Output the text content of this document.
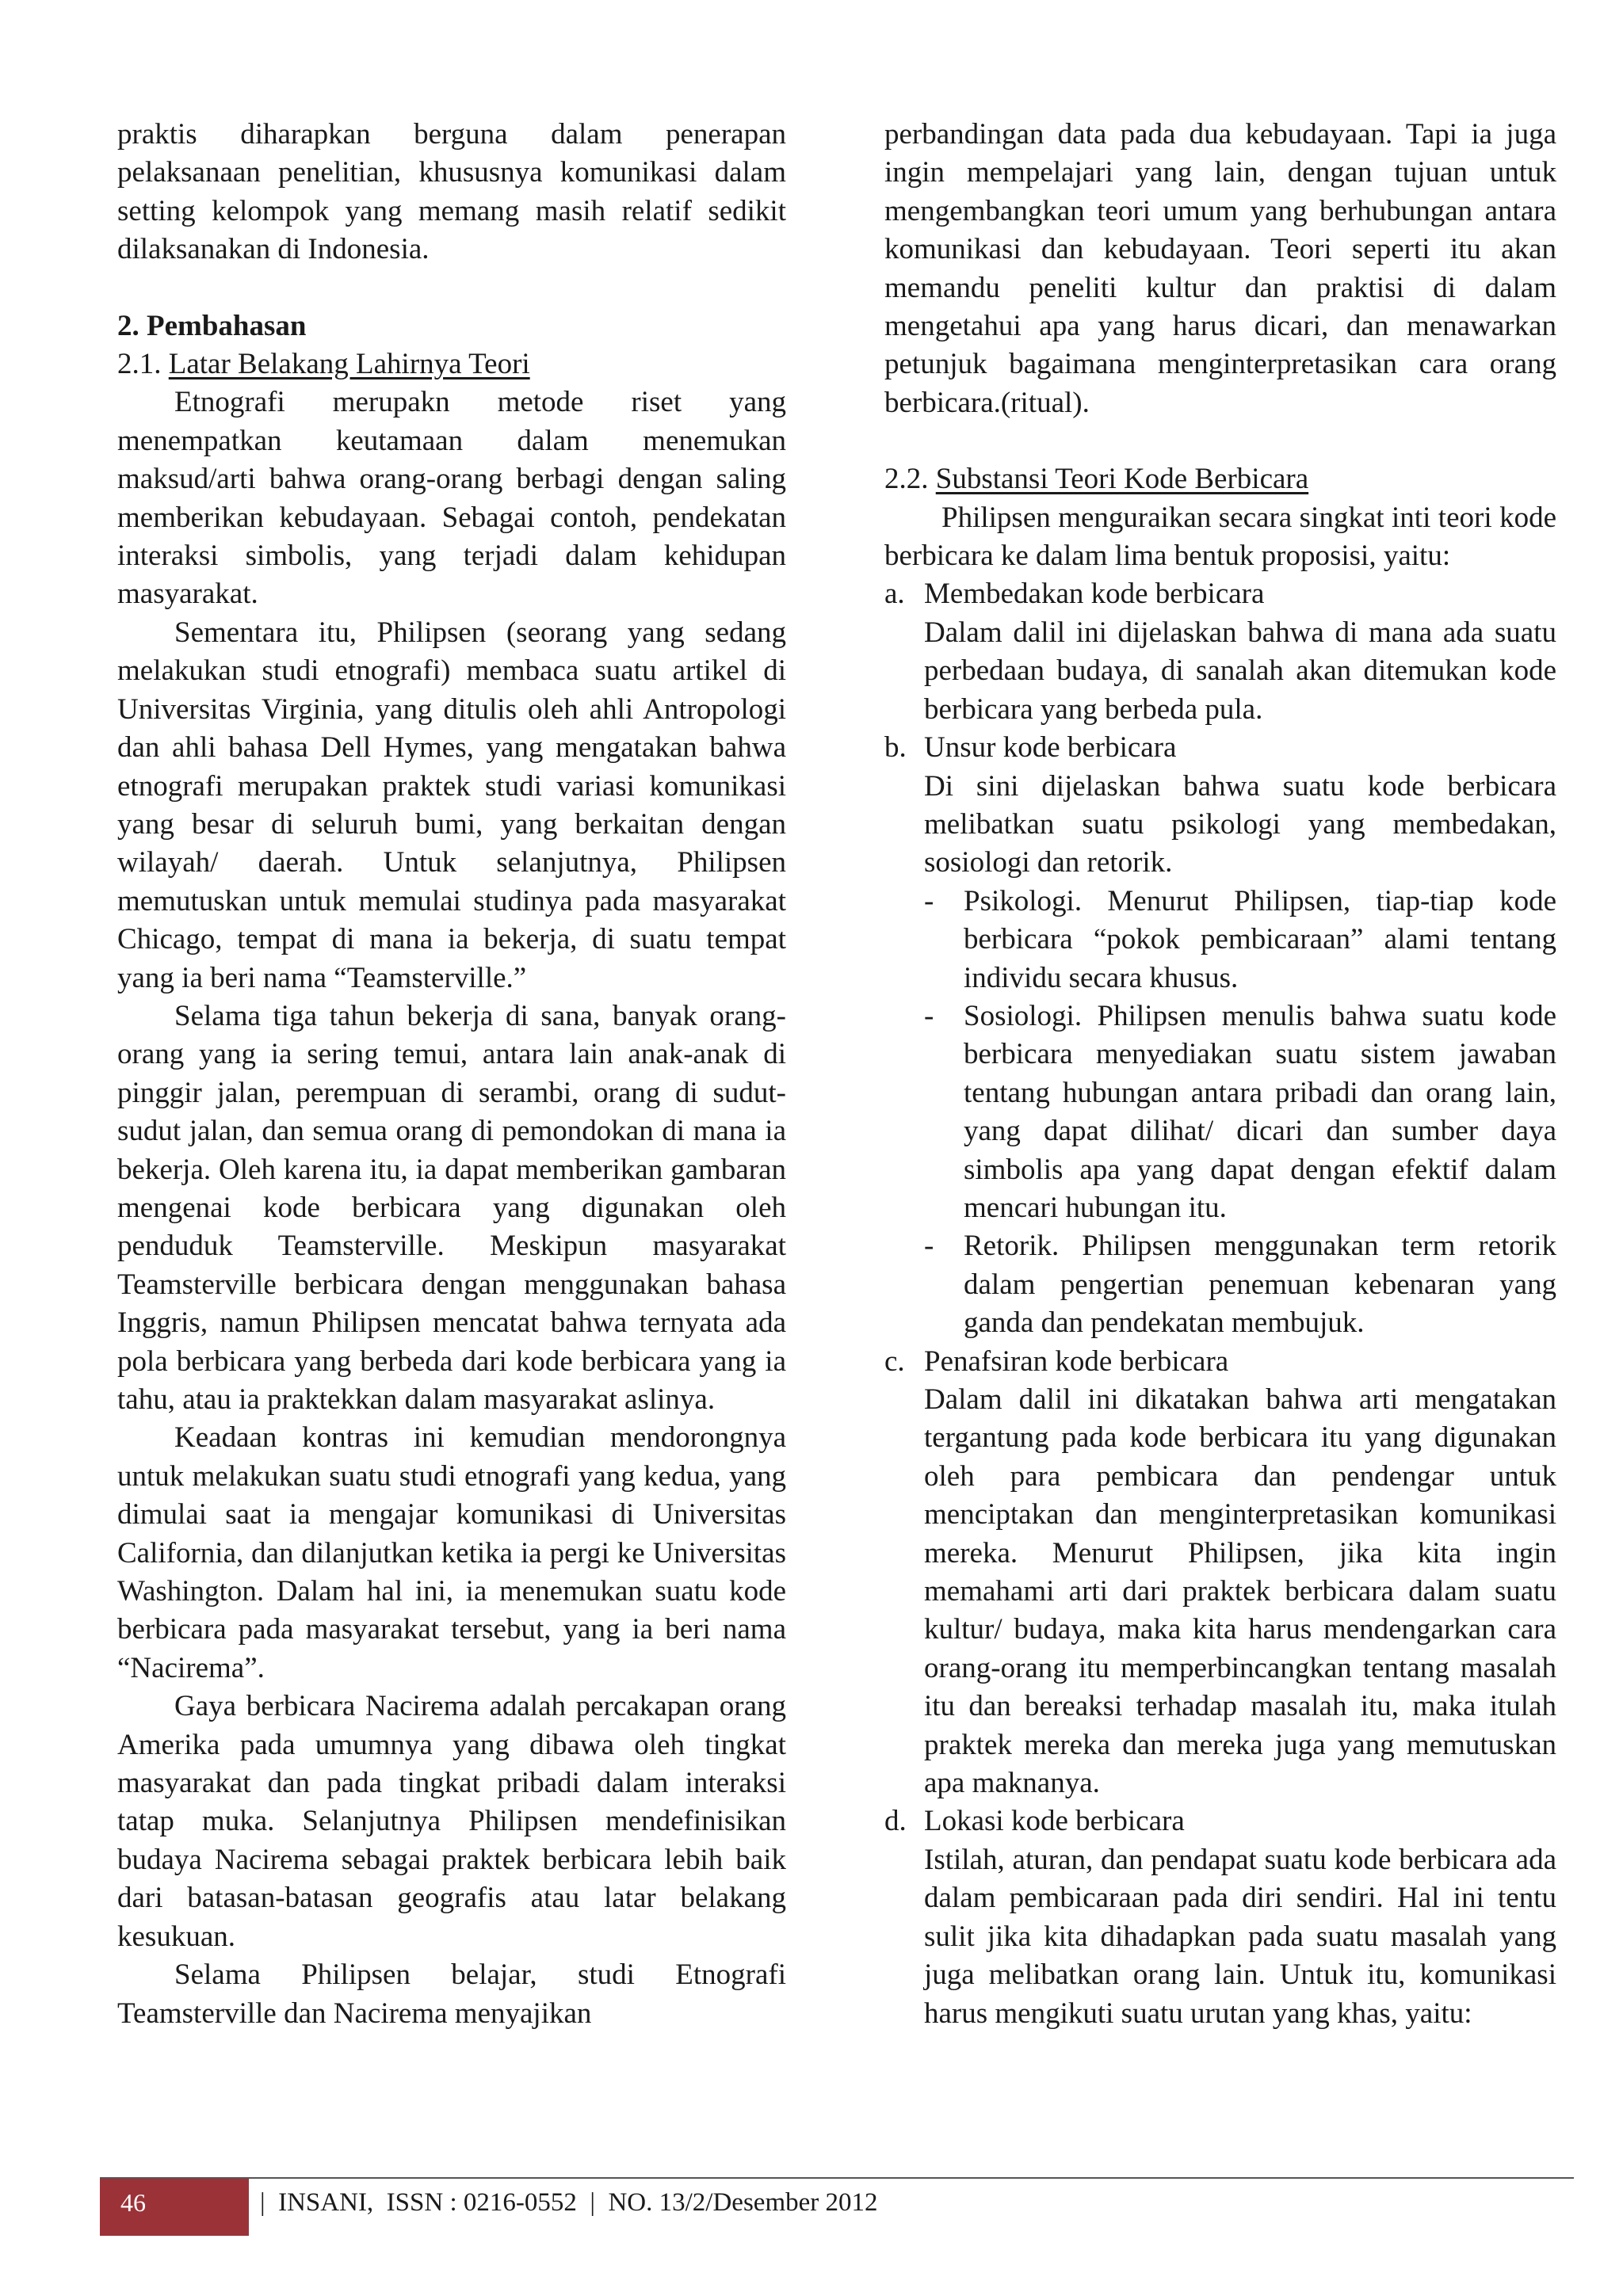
praktis diharapkan berguna dalam penerapan pelaksanaan penelitian, khususnya komunikasi dalam setting kelompok yang memang masih relatif sedikit dilaksanakan di Indonesia.

2. Pembahasan

2.1. Latar Belakang Lahirnya Teori

Etnografi merupakn metode riset yang menempatkan keutamaan dalam menemukan maksud/arti bahwa orang-orang berbagi dengan saling memberikan kebudayaan. Sebagai contoh, pendekatan interaksi simbolis, yang terjadi dalam kehidupan masyarakat.

Sementara itu, Philipsen (seorang yang sedang melakukan studi etnografi) membaca suatu artikel di Universitas Virginia, yang ditulis oleh ahli Antropologi dan ahli bahasa Dell Hymes, yang mengatakan bahwa etnografi merupakan praktek studi variasi komunikasi yang besar di seluruh bumi, yang berkaitan dengan wilayah/ daerah. Untuk selanjutnya, Philipsen memutuskan untuk memulai studinya pada masyarakat Chicago, tempat di mana ia bekerja, di suatu tempat yang ia beri nama “Teamsterville.”

Selama tiga tahun bekerja di sana, banyak orang-orang yang ia sering temui, antara lain anak-anak di pinggir jalan, perempuan di serambi, orang di sudut-sudut jalan, dan semua orang di pemondokan di mana ia bekerja. Oleh karena itu, ia dapat memberikan gambaran mengenai kode berbicara yang digunakan oleh penduduk Teamsterville. Meskipun masyarakat Teamsterville berbicara dengan menggunakan bahasa Inggris, namun Philipsen mencatat bahwa ternyata ada pola berbicara yang berbeda dari kode berbicara yang ia tahu, atau ia praktekkan dalam masyarakat aslinya.

Keadaan kontras ini kemudian mendorongnya untuk melakukan suatu studi etnografi yang kedua, yang dimulai saat ia mengajar komunikasi di Universitas California, dan dilanjutkan ketika ia pergi ke Universitas Washington. Dalam hal ini, ia menemukan suatu kode berbicara pada masyarakat tersebut, yang ia beri nama “Nacirema”.

Gaya berbicara Nacirema adalah percakapan orang Amerika pada umumnya yang dibawa oleh tingkat masyarakat dan pada tingkat pribadi dalam interaksi tatap muka. Selanjutnya Philipsen mendefinisikan budaya Nacirema sebagai praktek berbicara lebih baik dari batasan-batasan geografis atau latar belakang kesukuan.

Selama Philipsen belajar, studi Etnografi Teamsterville dan Nacirema menyajikan

perbandingan data pada dua kebudayaan. Tapi ia juga ingin mempelajari yang lain, dengan tujuan untuk mengembangkan teori umum yang berhubungan antara komunikasi dan kebudayaan. Teori seperti itu akan memandu peneliti kultur dan praktisi di dalam mengetahui apa yang harus dicari, dan menawarkan petunjuk bagaimana menginterpretasikan cara orang berbicara.(ritual).

2.2. Substansi Teori Kode Berbicara

Philipsen menguraikan secara singkat inti teori kode berbicara ke dalam lima bentuk proposisi, yaitu:

a. Membedakan kode berbicara

Dalam dalil ini dijelaskan bahwa di mana ada suatu perbedaan budaya, di sanalah akan ditemukan kode berbicara yang berbeda pula.

b. Unsur kode berbicara

Di sini dijelaskan bahwa suatu kode berbicara melibatkan suatu psikologi yang membedakan, sosiologi dan retorik.

- Psikologi. Menurut Philipsen, tiap-tiap kode berbicara “pokok pembicaraan” alami tentang individu secara khusus.

- Sosiologi. Philipsen menulis bahwa suatu kode berbicara menyediakan suatu sistem jawaban tentang hubungan antara pribadi dan orang lain, yang dapat dilihat/ dicari dan sumber daya simbolis apa yang dapat dengan efektif dalam mencari hubungan itu.

- Retorik. Philipsen menggunakan term retorik dalam pengertian penemuan kebenaran yang ganda dan pendekatan membujuk.

c. Penafsiran kode berbicara

Dalam dalil ini dikatakan bahwa arti mengatakan tergantung pada kode berbicara itu yang digunakan oleh para pembicara dan pendengar untuk menciptakan dan menginterpretasikan komunikasi mereka. Menurut Philipsen, jika kita ingin memahami arti dari praktek berbicara dalam suatu kultur/ budaya, maka kita harus mendengarkan cara orang-orang itu memperbincangkan tentang masalah itu dan bereaksi terhadap masalah itu, maka itulah praktek mereka dan mereka juga yang memutuskan apa maknanya.

d. Lokasi kode berbicara

Istilah, aturan, dan pendapat suatu kode berbicara ada dalam pembicaraan pada diri sendiri. Hal ini tentu sulit jika kita dihadapkan pada suatu masalah yang juga melibatkan orang lain. Untuk itu, komunikasi harus mengikuti suatu urutan yang khas, yaitu:

46	|  INSANI,  ISSN : 0216-0552  |  NO. 13/2/Desember 2012
